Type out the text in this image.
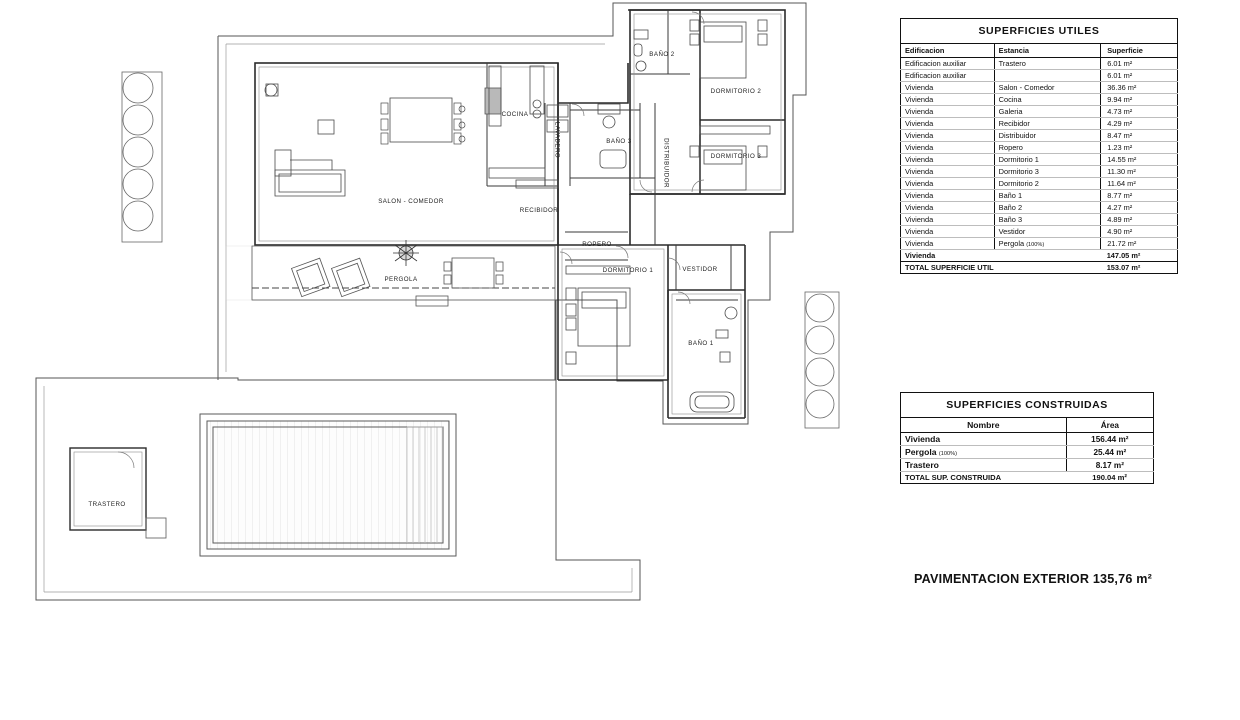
BAÑO 2
DORMITORIO 2
DORMITORIO 3
COCINA
LAVADERO	BAÑO 3	DISTRIBUIDOR
SALON - COMEDOR
RECIBIDOR
ROPERO
DORMITORIO 1	VESTIDOR
PERGOLA
BAÑO 1
TRASTERO
SUPERFICIES UTILES		
Edificacion	Estancia	Superficie
Edificacion auxiliar	Trastero	6.01 m²
Edificacion auxiliar		6.01 m²
Vivienda	Salon - Comedor	36.36 m²
Vivienda	Cocina	9.94 m²
Vivienda	Galeria	4.73 m²
Vivienda	Recibidor	4.29 m²
Vivienda	Distribuidor	8.47 m²
Vivienda	Ropero	1.23 m²
Vivienda	Dormitorio 1	14.55 m²
Vivienda	Dormitorio 3	11.30 m²
Vivienda	Dormitorio 2	11.64 m²
Vivienda	Baño 1	8.77 m²
Vivienda	Baño 2	4.27 m²
Vivienda	Baño 3	4.89 m²
Vivienda	Vestidor	4.90 m²
Vivienda	Pergola (100%)	21.72 m²
Vivienda		147.05 m²
TOTAL SUPERFICIE UTIL		153.07 m²
SUPERFICIES CONSTRUIDAS	
Nombre	Área
Vivienda	156.44 m²
Pergola (100%)	25.44 m²
Trastero	8.17 m²
TOTAL SUP. CONSTRUIDA	190.04 m²
PAVIMENTACION EXTERIOR 135,76 m²
